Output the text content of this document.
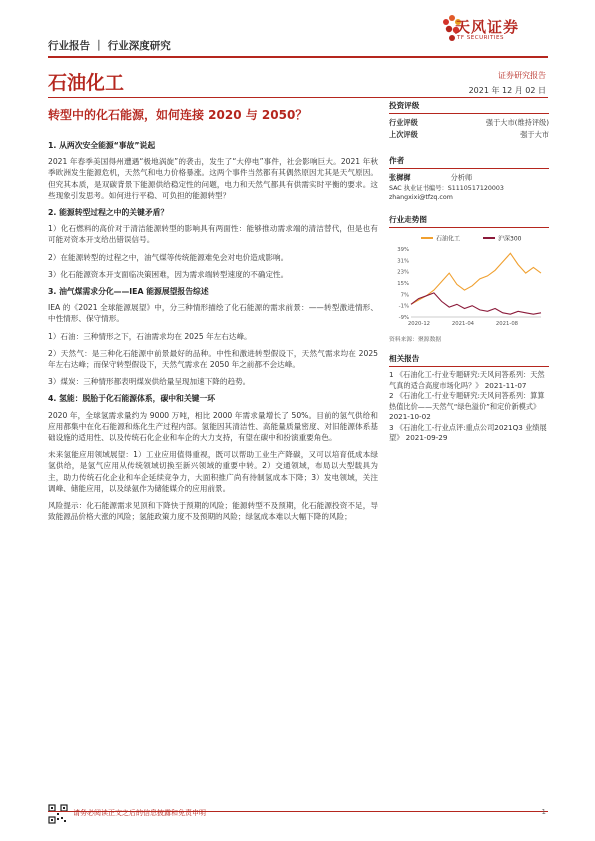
行业报告 ｜ 行业深度研究
天风证券
TF SECURITIES
石油化工	证券研究报告
2021 年 12 月 02 日
转型中的化石能源，如何连接 2020 与 2050？
1. 从两次安全能源“事故”说起

2021 年春季美国得州遭遇“极地涡旋”的袭击，发生了“大停电”事件，社会影响巨大。2021 年秋季欧洲发生能源危机，天然气和电力价格暴涨。这两个事件当然都有其偶然原因尤其是天气原因。但究其本质，是双碳背景下能源供给稳定性的问题，电力和天然气都具有供需实时平衡的要求。这些现象引发思考。如何进行平稳、可负担的能源转型？

2. 能源转型过程之中的关键矛盾？

1）化石燃料的高价对于清洁能源转型的影响具有两面性：能够推动需求端的清洁替代，但是也有可能对资本开支给出错误信号。

2）在能源转型的过程之中，油气煤等传统能源难免会对电价造成影响。

3）化石能源资本开支面临决策困难，因为需求端转型速度的不确定性。

3. 油气煤需求分化——IEA 能源展望报告综述

IEA 的《2021 全球能源展望》中，分三种情形描绘了化石能源的需求前景：——转型激进情形、中性情形、保守情形。

1）石油：三种情形之下，石油需求均在 2025 年左右达峰。

2）天然气：是三种化石能源中前景最好的品种。中性和激进转型假设下，天然气需求均在 2025 年左右达峰；而保守转型假设下，天然气需求在 2050 年之前都不会达峰。

3）煤炭：三种情形都表明煤炭供给量呈现加速下降的趋势。

4. 氢能：脱胎于化石能源体系，碳中和关键一环

2020 年，全球氢需求量约为 9000 万吨，相比 2000 年需求量增长了 50%。目前的氢气供给和应用都集中在化石能源和炼化生产过程内部。氢能因其清洁性、高能量质量密度、对旧能源体系基础设施的适用性、以及传统石化企业和车企的大力支持，有望在碳中和扮演重要角色。

未来氢能应用领域展望：1）工业应用值得重视，既可以帮助工业生产降碳，又可以培育低成本绿氢供给，是氢气应用从传统领域切换至新兴领域的重要中转。2）交通领域，布局以大型载具为主，助力传统石化企业和车企延续竞争力，大面积推广尚有待制氢成本下降；3）发电领域，关注调峰、储能应用，以及绿氨作为储能媒介的应用前景。

风险提示：化石能源需求见顶和下降快于预期的风险；能源转型不及预期，化石能源投资不足，导致能源品价格大涨的风险；氢能政策力度不及预期的风险；绿氢成本难以大幅下降的风险；

投资评级
行业评级	强于大市(维持评级)
上次评级	强于大市
作者
张樨樨	分析师
SAC 执业证书编号：S1110517120003
zhangxixi@tfzq.com
行业走势图
石油化工	沪深300
39%
31%
23%
15%
7%
-1%
-9%
2020-12	2021-04	2021-08
资料来源：聚源数据
相关报告
1 《石油化工-行业专题研究:天风问答系列：天然气真的适合高度市场化吗？》 2021-11-07
2 《石油化工-行业专题研究:天风问答系列：算算热值比价——天然气“绿色溢价”和定价新模式》 2021-10-02
3 《石油化工-行业点评:重点公司2021Q3 业绩展望》 2021-09-29
请务必阅读正文之后的信息披露和免责申明	1
